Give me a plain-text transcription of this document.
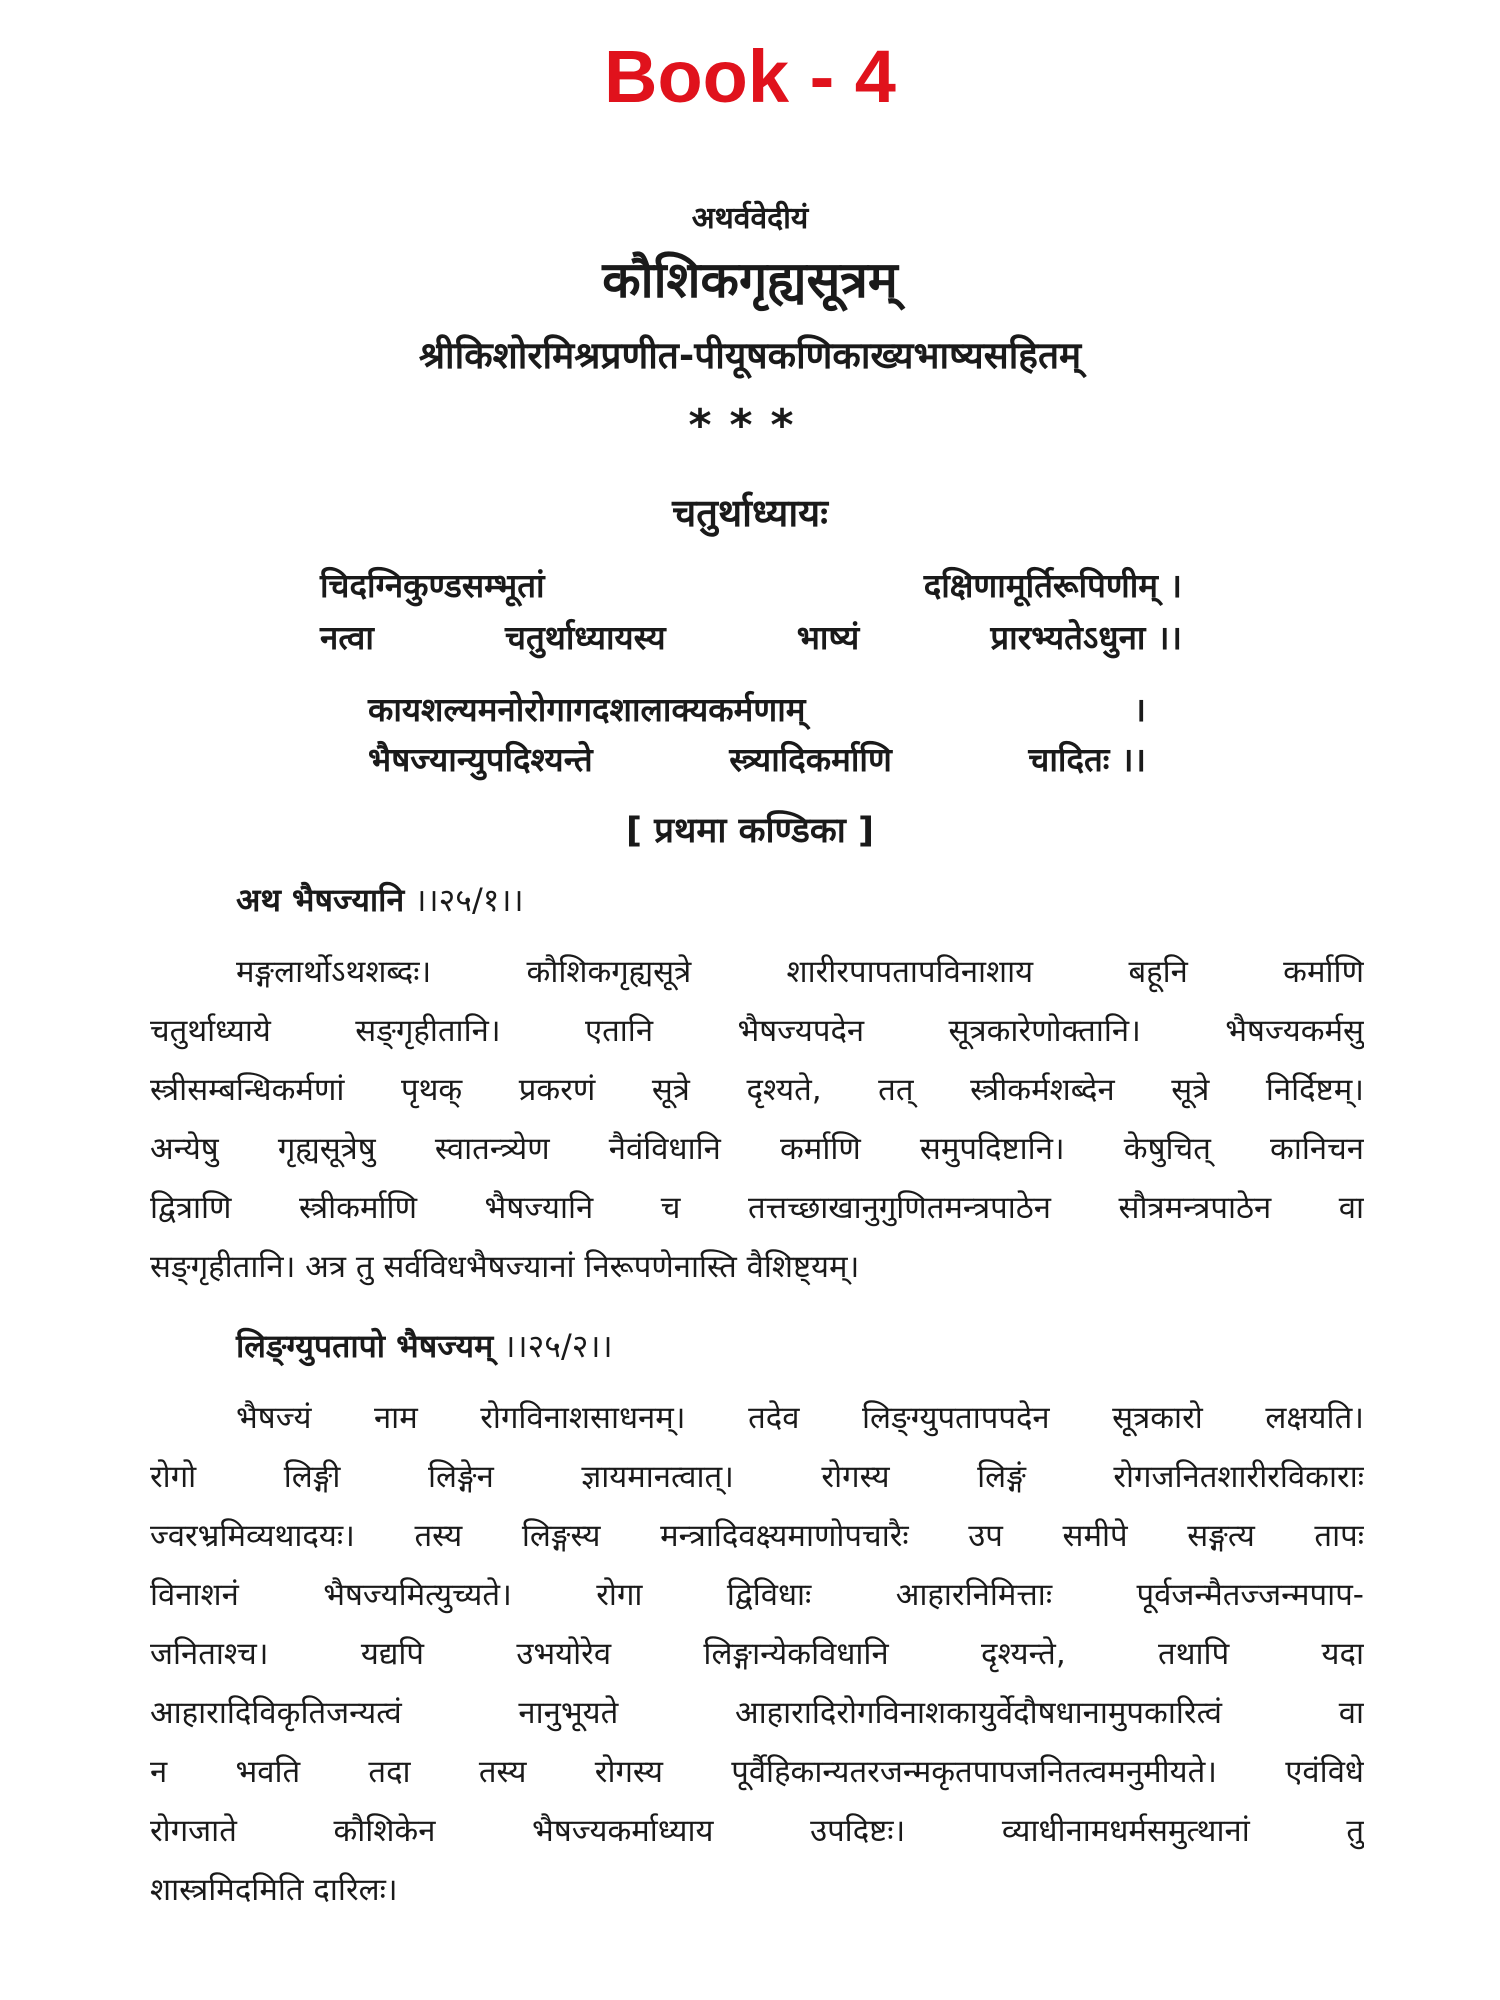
Book - 4
अथर्ववेदीयं
कौशिकगृह्यसूत्रम्
श्रीकिशोरमिश्रप्रणीत-पीयूषकणिकाख्यभाष्यसहितम्
***
चतुर्थाध्यायः
चिदग्निकुण्डसम्भूतां	दक्षिणामूर्तिरूपिणीम् ।
नत्वा	चतुर्थाध्यायस्य	भाष्यं	प्रारभ्यतेऽधुना ।।
कायशल्यमनोरोगागदशालाक्यकर्मणाम्	।
भैषज्यान्युपदिश्यन्ते	स्त्र्यादिकर्माणि	चादितः ।।
[ प्रथमा कण्डिका ]
अथ भैषज्यानि ।।२५/१।।
मङ्गलार्थोऽथशब्दः। कौशिकगृह्यसूत्रे शारीरपापतापविनाशाय बहूनि कर्माणि
चतुर्थाध्याये सङ्गृहीतानि। एतानि भैषज्यपदेन सूत्रकारेणोक्तानि। भैषज्यकर्मसु
स्त्रीसम्बन्धिकर्मणां पृथक् प्रकरणं सूत्रे दृश्यते, तत् स्त्रीकर्मशब्देन सूत्रे निर्दिष्टम्।
अन्येषु गृह्यसूत्रेषु स्वातन्त्र्येण नैवंविधानि कर्माणि समुपदिष्टानि। केषुचित् कानिचन
द्वित्राणि स्त्रीकर्माणि भैषज्यानि च तत्तच्छाखानुगुणितमन्त्रपाठेन सौत्रमन्त्रपाठेन वा
सङ्गृहीतानि। अत्र तु सर्वविधभैषज्यानां निरूपणेनास्ति वैशिष्ट्यम्।
लिङ्ग्युपतापो भैषज्यम् ।।२५/२।।
भैषज्यं नाम रोगविनाशसाधनम्। तदेव लिङ्ग्युपतापपदेन सूत्रकारो लक्षयति।
रोगो लिङ्गी लिङ्गेन ज्ञायमानत्वात्। रोगस्य लिङ्गं रोगजनितशारीरविकाराः
ज्वरभ्रमिव्यथादयः। तस्य लिङ्गस्य मन्त्रादिवक्ष्यमाणोपचारैः उप समीपे सङ्गत्य तापः
विनाशनं भैषज्यमित्युच्यते। रोगा द्विविधाः आहारनिमित्ताः पूर्वजन्मैतज्जन्मपाप-
जनिताश्च। यद्यपि उभयोरेव लिङ्गान्येकविधानि दृश्यन्ते, तथापि यदा
आहारादिविकृतिजन्यत्वं नानुभूयते आहारादिरोगविनाशकायुर्वेदौषधानामुपकारित्वं वा
न भवति तदा तस्य रोगस्य पूर्वैहिकान्यतरजन्मकृतपापजनितत्वमनुमीयते। एवंविधे
रोगजाते कौशिकेन भैषज्यकर्माध्याय उपदिष्टः। व्याधीनामधर्मसमुत्थानां तु
शास्त्रमिदमिति दारिलः।
